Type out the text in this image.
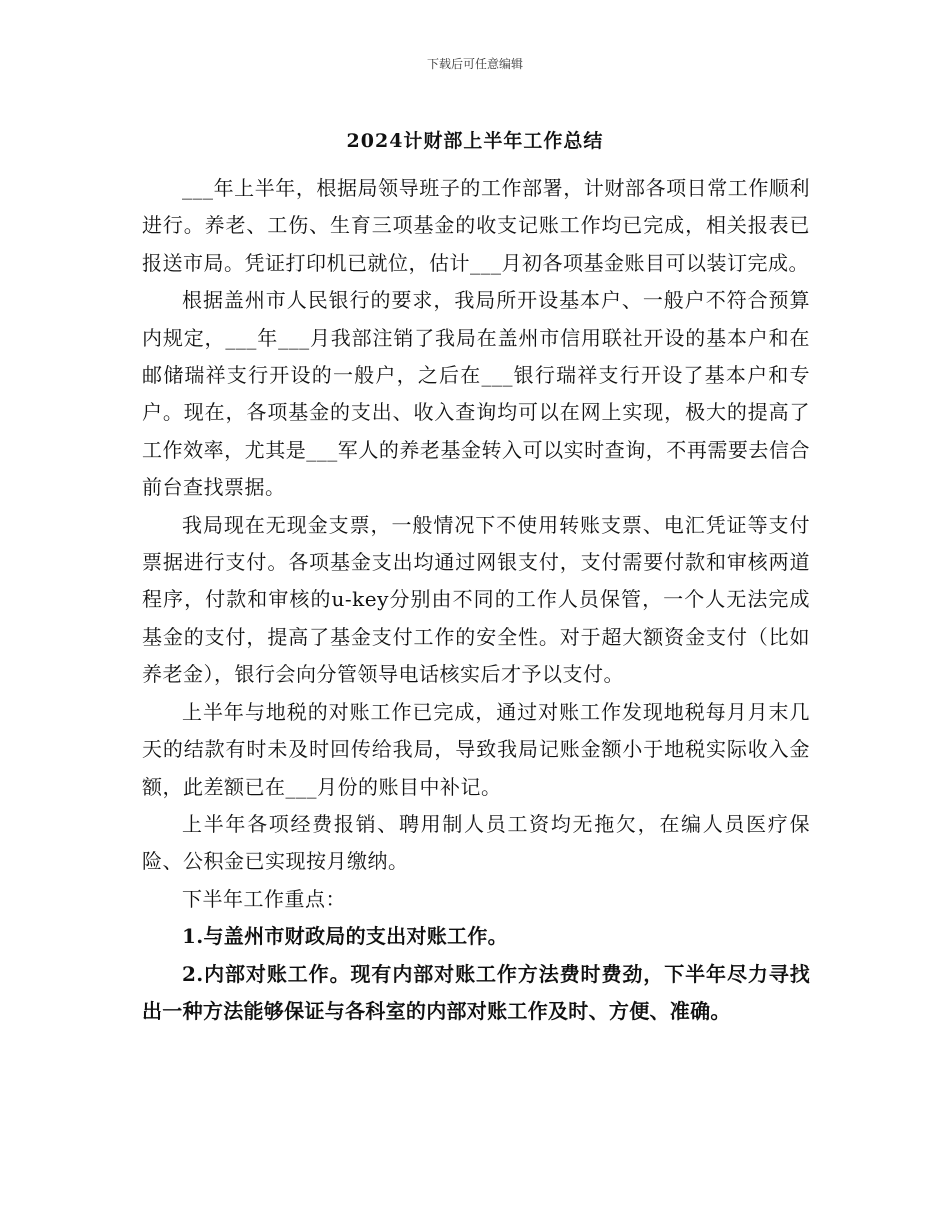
下载后可任意编辑
2024计财部上半年工作总结

___年上半年，根据局领导班子的工作部署，计财部各项日常工作顺利进行。养老、工伤、生育三项基金的收支记账工作均已完成，相关报表已报送市局。凭证打印机已就位，估计___月初各项基金账目可以装订完成。

根据盖州市人民银行的要求，我局所开设基本户、一般户不符合预算内规定，___年___月我部注销了我局在盖州市信用联社开设的基本户和在邮储瑞祥支行开设的一般户，之后在___银行瑞祥支行开设了基本户和专户。现在，各项基金的支出、收入查询均可以在网上实现，极大的提高了工作效率，尤其是___军人的养老基金转入可以实时查询，不再需要去信合前台查找票据。

我局现在无现金支票，一般情况下不使用转账支票、电汇凭证等支付票据进行支付。各项基金支出均通过网银支付，支付需要付款和审核两道程序，付款和审核的u-key分别由不同的工作人员保管，一个人无法完成基金的支付，提高了基金支付工作的安全性。对于超大额资金支付（比如养老金），银行会向分管领导电话核实后才予以支付。

上半年与地税的对账工作已完成，通过对账工作发现地税每月月末几天的结款有时未及时回传给我局，导致我局记账金额小于地税实际收入金额，此差额已在___月份的账目中补记。

上半年各项经费报销、聘用制人员工资均无拖欠，在编人员医疗保险、公积金已实现按月缴纳。

下半年工作重点：

1.与盖州市财政局的支出对账工作。

2.内部对账工作。现有内部对账工作方法费时费劲，下半年尽力寻找出一种方法能够保证与各科室的内部对账工作及时、方便、准确。
